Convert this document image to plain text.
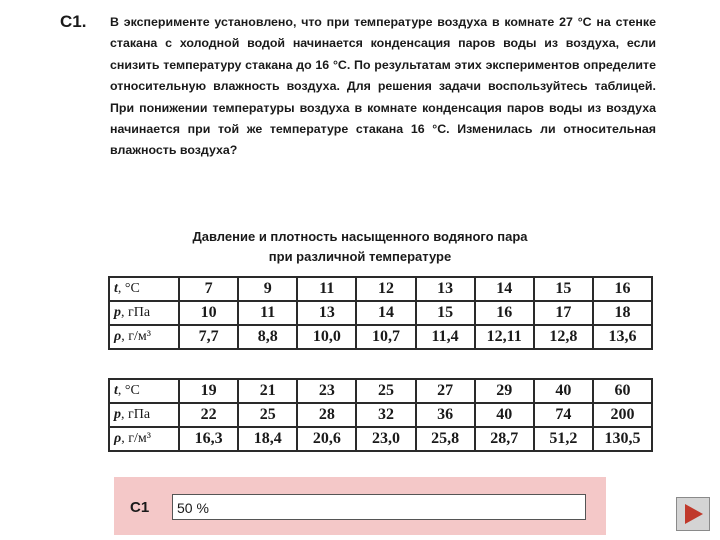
С1. В эксперименте установлено, что при температуре воздуха в комнате 27 °С на стенке стакана с холодной водой начинается конденсация паров воды из воздуха, если снизить температуру стакана до 16 °С. По результатам этих экспериментов определите относительную влажность воздуха. Для решения задачи воспользуйтесь таблицей. При понижении температуры воздуха в комнате конденсация паров воды из воздуха начинается при той же температуре стакана 16 °С. Изменилась ли относительная влажность воздуха?
Давление и плотность насыщенного водяного пара
при различной температуре
t, °С	7	9	11	12	13	14	15	16
p, гПа	10	11	13	14	15	16	17	18
ρ, г/м³	7,7	8,8	10,0	10,7	11,4	12,11	12,8	13,6
t, °С	19	21	23	25	27	29	40	60
p, гПа	22	25	28	32	36	40	74	200
ρ, г/м³	16,3	18,4	20,6	23,0	25,8	28,7	51,2	130,5
С1	50 %
